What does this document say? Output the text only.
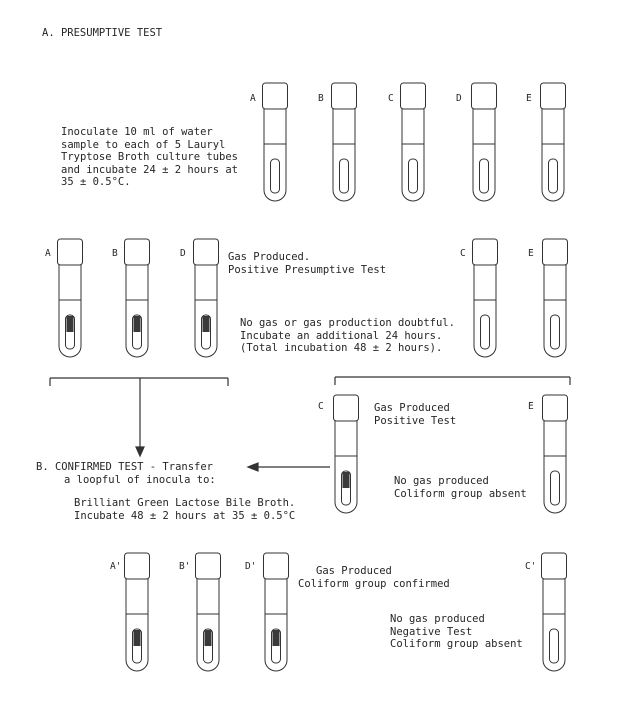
A. PRESUMPTIVE TEST
Inoculate 10 ml of water
sample to each of 5 Lauryl
Tryptose Broth culture tubes
and incubate 24 ± 2 hours at
35 ± 0.5°C.
A	B	C	D	E
A	B	D	C	E
Gas Produced.
Positive Presumptive Test
No gas or gas production doubtful.
Incubate an additional 24 hours.
(Total incubation 48 ± 2 hours).
C	E
Gas Produced
Positive Test
No gas produced
Coliform group absent
B. CONFIRMED TEST - Transfer
a loopful of inocula to:
Brilliant Green Lactose Bile Broth.
Incubate 48 ± 2 hours at 35 ± 0.5°C
A'	B'	D'	C'
Gas Produced
Coliform group confirmed
No gas produced
Negative Test
Coliform group absent
